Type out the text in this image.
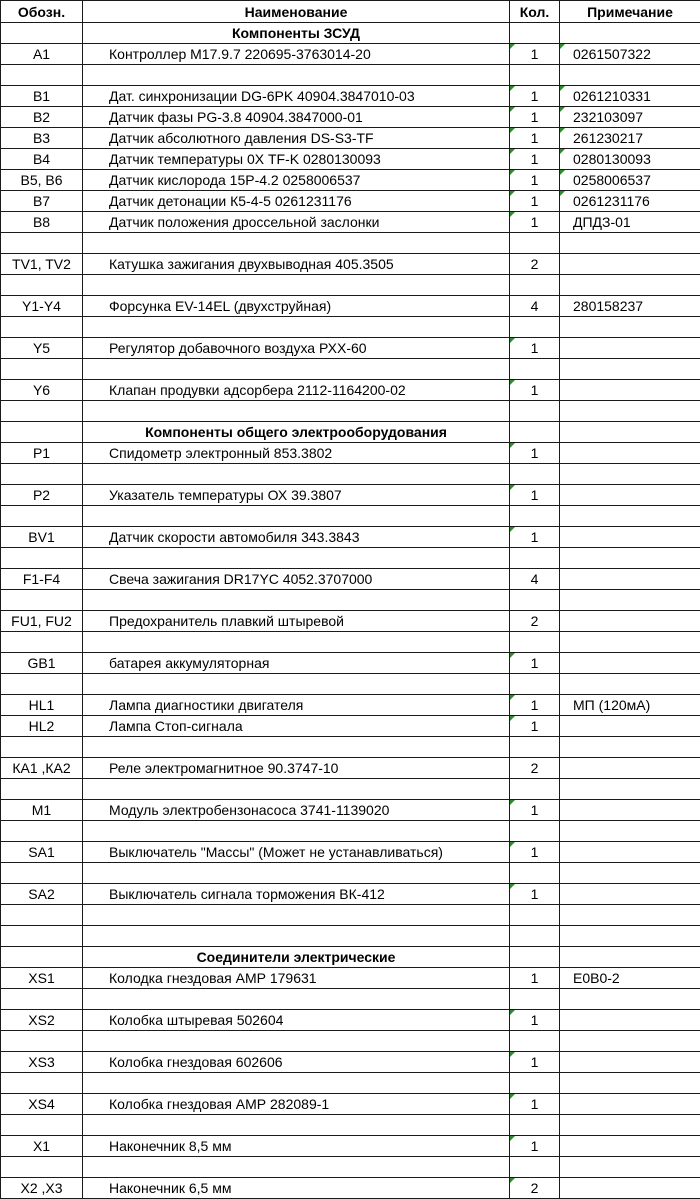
Обозн.	Наименование	Кол.	Примечание
	Компоненты ЗСУД		
A1	Контроллер М17.9.7 220695-3763014-20	1	0261507322

B1	Дат. синхронизации DG-6PK 40904.3847010-03	1	0261210331
B2	Датчик фазы PG-3.8 40904.3847000-01	1	232103097
B3	Датчик абсолютного давления DS-S3-TF	1	261230217
B4	Датчик температуры 0Х ТF-K 0280130093	1	0280130093
B5, B6	Датчик кислорода 15P-4.2 0258006537	1	0258006537
B7	Датчик детонации К5-4-5 0261231176	1	0261231176
B8	Датчик положения дроссельной заслонки	1	ДПДЗ-01

TV1, TV2	Катушка зажигания двухвыводная 405.3505	2	

Y1-Y4	Форсунка EV-14EL (двухструйная)	4	280158237

Y5	Регулятор добавочного воздуха РХХ-60	1	

Y6	Клапан продувки адсорбера 2112-1164200-02	1	

	Компоненты общего электрооборудования		
P1	Спидометр электронный 853.3802	1	

P2	Указатель температуры ОХ 39.3807	1	

BV1	Датчик скорости автомобиля 343.3843	1	

F1-F4	Свеча зажигания DR17YC 4052.3707000	4	

FU1, FU2	Предохранитель плавкий штыревой	2	

GB1	батарея аккумуляторная	1	

HL1	Лампа диагностики двигателя	1	МП (120мА)
HL2	Лампа Стоп-сигнала	1	

КА1 ,КА2	Реле электромагнитное 90.3747-10	2	

М1	Модуль электробензонасоса 3741-1139020	1	

SA1	Выключатель "Массы" (Может не устанавливаться)	1	

SA2	Выключатель сигнала торможения ВК-412	1	

	Соединители электрические		
XS1	Колодка гнездовая АМР 179631	1	Е0В0-2

XS2	Колобка штыревая 502604	1	

XS3	Колобка гнездовая 602606	1	

XS4	Колобка гнездовая АМР 282089-1	1	

X1	Наконечник 8,5 мм	1	

X2 ,X3	Наконечник 6,5 мм	2	
